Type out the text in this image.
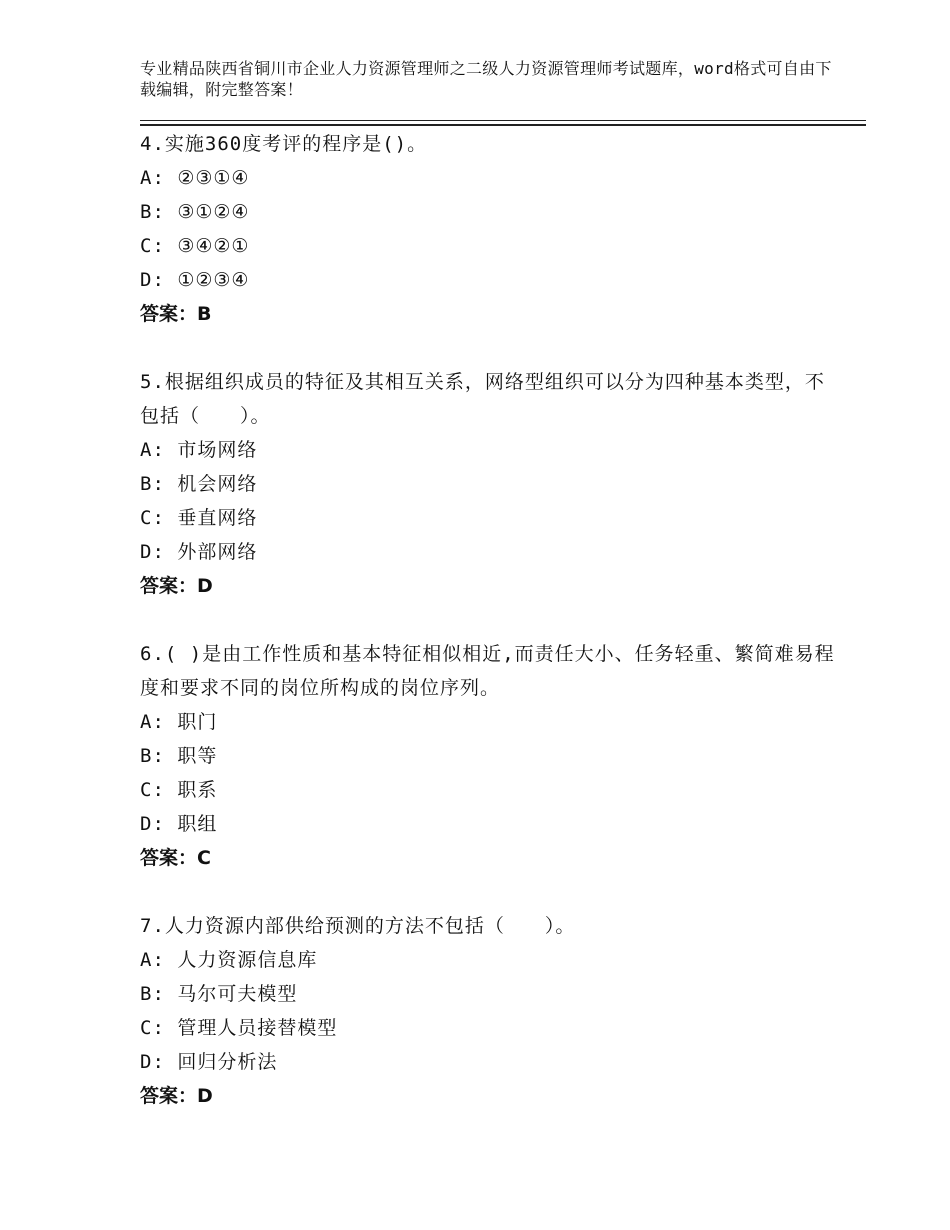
专业精品陕西省铜川市企业人力资源管理师之二级人力资源管理师考试题库，word格式可自由下载编辑，附完整答案！

4.实施360度考评的程序是()。

A: ②③①④

B: ③①②④

C: ③④②①

D: ①②③④

答案：B

5.根据组织成员的特征及其相互关系，网络型组织可以分为四种基本类型，不包括（　　）。

A: 市场网络

B: 机会网络

C: 垂直网络

D: 外部网络

答案：D

6.( )是由工作性质和基本特征相似相近,而责任大小、任务轻重、繁简难易程度和要求不同的岗位所构成的岗位序列。

A: 职门

B: 职等

C: 职系

D: 职组

答案：C

7.人力资源内部供给预测的方法不包括（　　）。

A: 人力资源信息库

B: 马尔可夫模型

C: 管理人员接替模型

D: 回归分析法

答案：D
